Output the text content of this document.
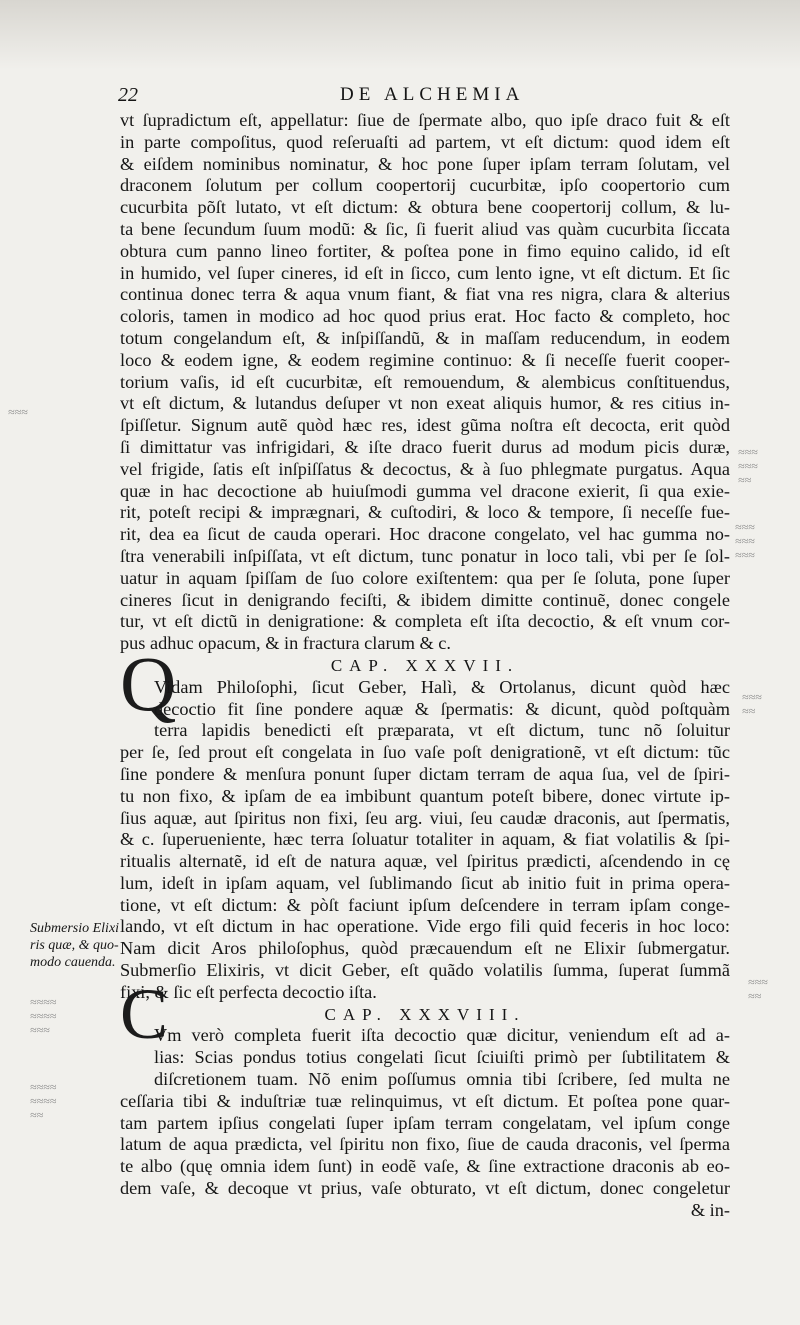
≈≈≈
≈≈≈
≈≈≈
≈≈
≈≈≈
≈≈≈
≈≈≈
≈≈≈
≈≈
≈≈≈≈
≈≈≈≈
≈≈≈
≈≈≈≈
≈≈≈≈
≈≈
≈≈≈
≈≈
22	DE ALCHEMIA
Submersio Elixi
ris quæ, & quo-
modo cauenda.
Q
C
vt ſupradictum eſt, appellatur: ſiue de ſpermate albo, quo ipſe draco fuit & eſt
in parte compoſitus, quod reſeruaſti ad partem, vt eſt dictum: quod idem eſt
& eiſdem nominibus nominatur, & hoc pone ſuper ipſam terram ſolutam, vel
draconem ſolutum per collum coopertorij cucurbitæ, ipſo coopertorio cum
cucurbita põſt lutato, vt eſt dictum: & obtura bene coopertorij collum, & lu-
ta bene ſecundum ſuum modũ: & ſic, ſi fuerit aliud vas quàm cucurbita ſiccata
obtura cum panno lineo fortiter, & poſtea pone in fimo equino calido, id eſt
in humido, vel ſuper cineres, id eſt in ſicco, cum lento igne, vt eſt dictum. Et ſic
continua donec terra & aqua vnum fiant, & fiat vna res nigra, clara & alterius
coloris, tamen in modico ad hoc quod prius erat. Hoc facto & completo, hoc
totum congelandum eſt, & inſpiſſandũ, & in maſſam reducendum, in eodem
loco & eodem igne, & eodem regimine continuo: & ſi neceſſe fuerit cooper-
torium vaſis, id eſt cucurbitæ, eſt remouendum, & alembicus conſtituendus,
vt eſt dictum, & lutandus deſuper vt non exeat aliquis humor, & res citius in-
ſpiſſetur. Signum autẽ quòd hæc res, idest gũma noſtra eſt decocta, erit quòd
ſi dimittatur vas infrigidari, & iſte draco fuerit durus ad modum picis duræ,
vel frigide, ſatis eſt inſpiſſatus & decoctus, & à ſuo phlegmate purgatus. Aqua
quæ in hac decoctione ab huiuſmodi gumma vel dracone exierit, ſi qua exie-
rit, poteſt recipi & imprægnari, & cuſtodiri, & loco & tempore, ſi neceſſe fue-
rit, dea ea ſicut de cauda operari. Hoc dracone congelato, vel hac gumma no-
ſtra venerabili inſpiſſata, vt eſt dictum, tunc ponatur in loco tali, vbi per ſe ſol-
uatur in aquam ſpiſſam de ſuo colore exiſtentem: qua per ſe ſoluta, pone ſuper
cineres ſicut in denigrando feciſti, & ibidem dimitte continuẽ, donec congele
tur, vt eſt dictũ in denigratione: & completa eſt iſta decoctio, & eſt vnum cor-
pus adhuc opacum, & in fractura clarum & c.
CAP. XXXVII.
Vidam Philoſophi, ſicut Geber, Halì, & Ortolanus, dicunt quòd hæc
decoctio fit ſine pondere aquæ & ſpermatis: & dicunt, quòd poſtquàm
terra lapidis benedicti eſt præparata, vt eſt dictum, tunc nõ ſoluitur
per ſe, ſed prout eſt congelata in ſuo vaſe poſt denigrationẽ, vt eſt dictum: tũc
ſine pondere & menſura ponunt ſuper dictam terram de aqua ſua, vel de ſpiri-
tu non fixo, & ipſam de ea imbibunt quantum poteſt bibere, donec virtute ip-
ſius aquæ, aut ſpiritus non fixi, ſeu arg. viui, ſeu caudæ draconis, aut ſpermatis,
& c. ſuperueniente, hæc terra ſoluatur totaliter in aquam, & fiat volatilis & ſpi-
ritualis alternatẽ, id eſt de natura aquæ, vel ſpiritus prædicti, aſcendendo in cę
lum, ideſt in ipſam aquam, vel ſublimando ſicut ab initio fuit in prima opera-
tione, vt eſt dictum: & pòſt faciunt ipſum deſcendere in terram ipſam conge-
lando, vt eſt dictum in hac operatione. Vide ergo fili quid feceris in hoc loco:
Nam dicit Aros philoſophus, quòd præcauendum eſt ne Elixir ſubmergatur.
Submerſio Elixiris, vt dicit Geber, eſt quãdo volatilis ſumma, ſuperat ſummã
fixi, & ſic eſt perfecta decoctio iſta.
CAP. XXXVIII.
Vm verò completa fuerit iſta decoctio quæ dicitur, veniendum eſt ad a-
lias: Scias pondus totius congelati ſicut ſciuiſti primò per ſubtilitatem &
diſcretionem tuam. Nõ enim poſſumus omnia tibi ſcribere, ſed multa ne
ceſſaria tibi & induſtriæ tuæ relinquimus, vt eſt dictum. Et poſtea pone quar-
tam partem ipſius congelati ſuper ipſam terram congelatam, vel ipſum conge
latum de aqua prædicta, vel ſpiritu non fixo, ſiue de cauda draconis, vel ſperma
te albo (quę omnia idem ſunt) in eodẽ vaſe, & ſine extractione draconis ab eo-
dem vaſe, & decoque vt prius, vaſe obturato, vt eſt dictum, donec congeletur
& in-
